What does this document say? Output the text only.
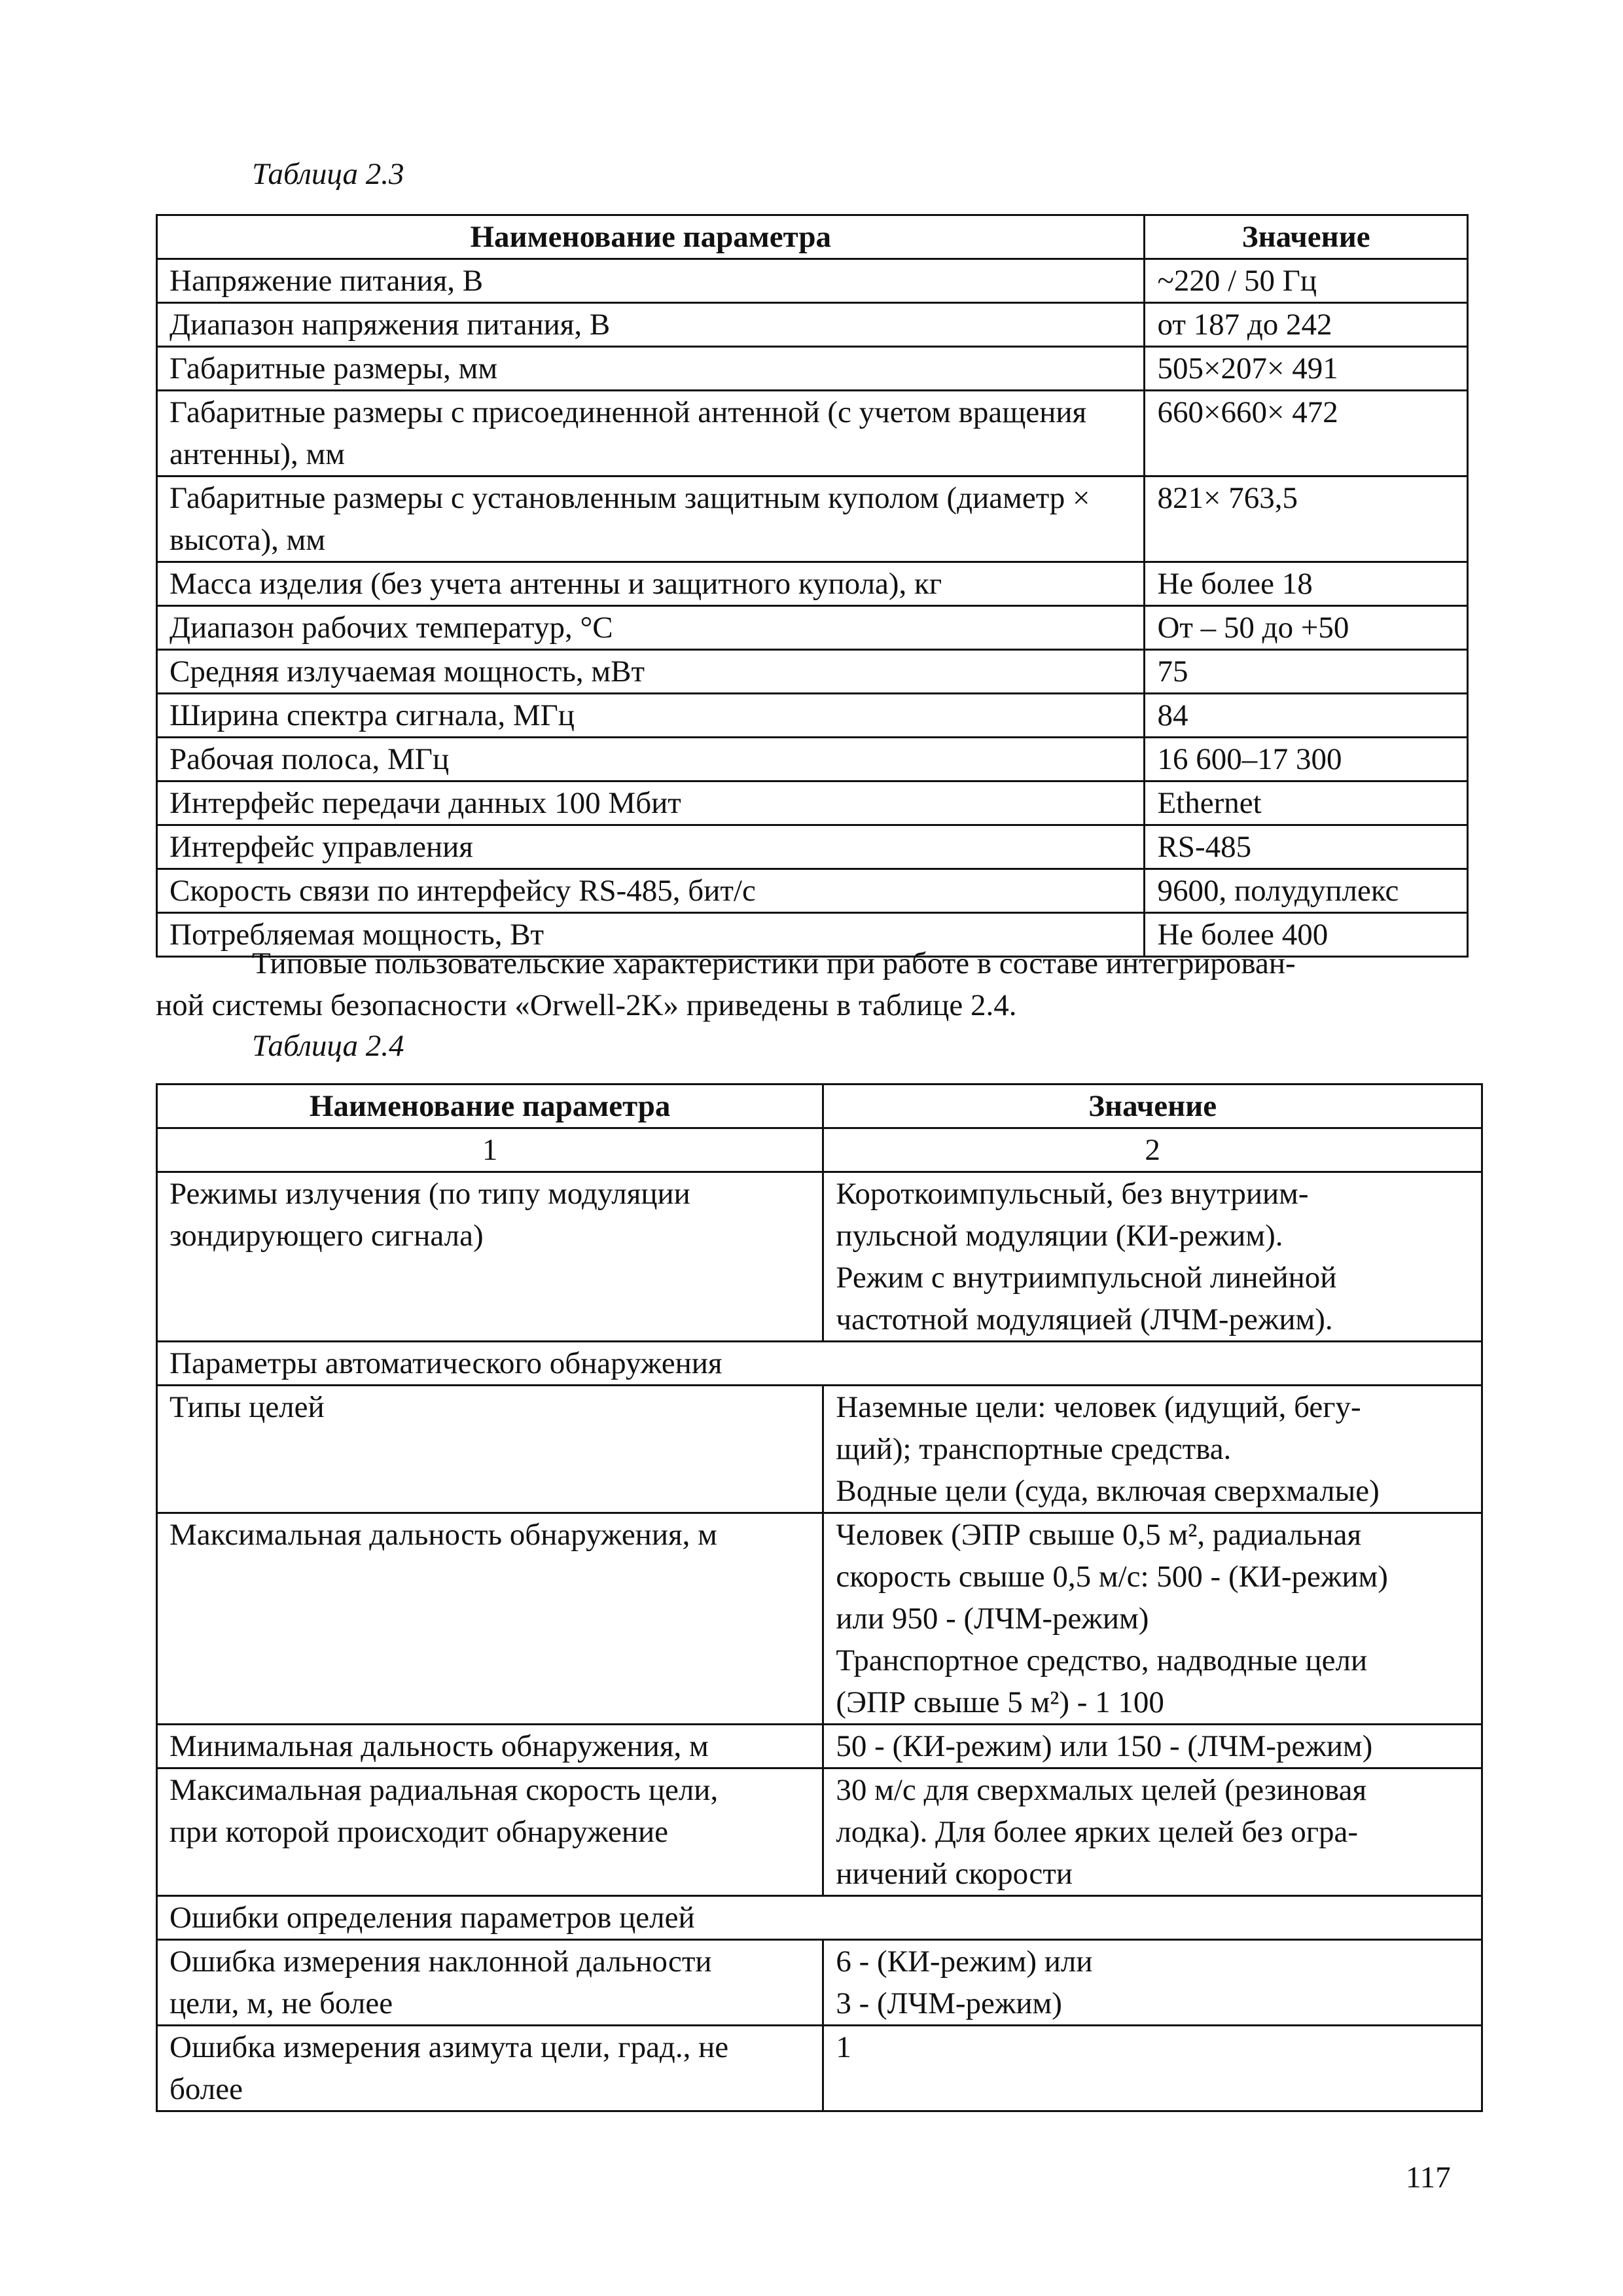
Таблица 2.3
Наименование параметра	Значение
Напряжение питания, В	~220 / 50 Гц
Диапазон напряжения питания, В	от 187 до 242
Габаритные размеры, мм	505×207× 491
Габаритные размеры с присоединенной антенной (с учетом вращения антенны), мм	660×660× 472
Габаритные размеры с установленным защитным куполом (диаметр × высота), мм	821× 763,5
Масса изделия (без учета антенны и защитного купола), кг	Не более 18
Диапазон рабочих температур, °C	От – 50 до +50
Средняя излучаемая мощность, мВт	75
Ширина спектра сигнала, МГц	84
Рабочая полоса, МГц	16 600–17 300
Интерфейс передачи данных 100 Мбит	Ethernet
Интерфейс управления	RS-485
Скорость связи по интерфейсу RS-485, бит/с	9600, полудуплекс
Потребляемая мощность, Вт	Не более 400

Типовые пользовательские характеристики при работе в составе интегрирован-
ной системы безопасности «Orwell-2K» приведены в таблице 2.4.

Таблица 2.4
Наименование параметра	Значение
1	2

Режимы излучения (по типу модуляции
зондирующего сигнала)	Короткоимпульсный, без внутриим-
пульсной модуляции (КИ-режим).
Режим с внутриимпульсной линейной
частотной модуляцией (ЛЧМ-режим).

Параметры автоматического обнаружения	

Типы целей	Наземные цели: человек (идущий, бегу-
щий); транспортные средства.
Водные цели (суда, включая сверхмалые)

Максимальная дальность обнаружения, м	Человек (ЭПР свыше 0,5 м², радиальная
скорость свыше 0,5 м/с: 500 - (КИ-режим)
или 950 - (ЛЧМ-режим)
Транспортное средство, надводные цели
(ЭПР свыше 5 м²) - 1 100

Минимальная дальность обнаружения, м	50 - (КИ-режим) или 150 - (ЛЧМ-режим)

Максимальная радиальная скорость цели,
при которой происходит обнаружение	30 м/с для сверхмалых целей (резиновая
лодка). Для более ярких целей без огра-
ничений скорости

Ошибки определения параметров целей	

Ошибка измерения наклонной дальности
цели, м, не более	6 - (КИ-режим) или
3 - (ЛЧМ-режим)

Ошибка измерения азимута цели, град., не
более	1
117
